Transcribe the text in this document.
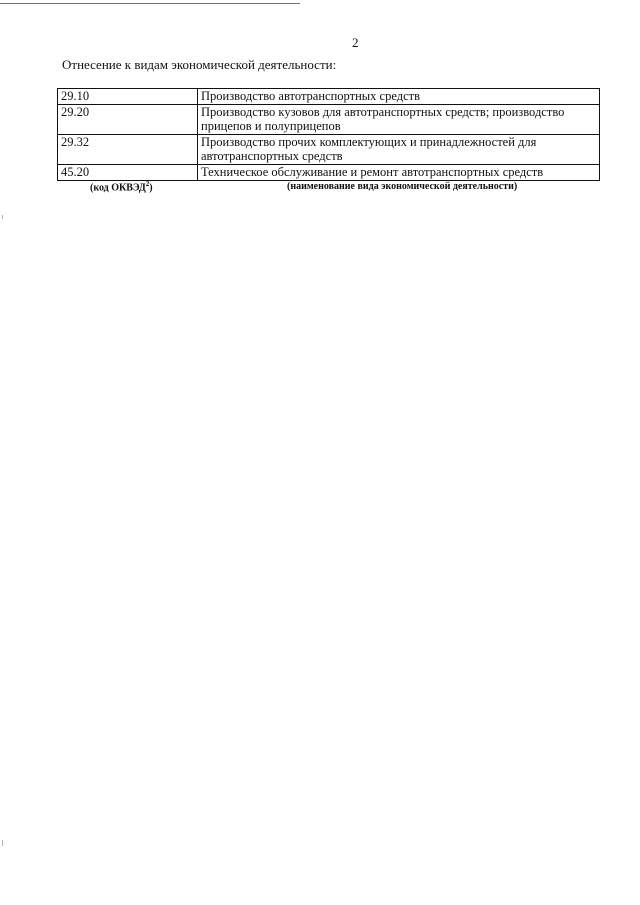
2
Отнесение к видам экономической деятельности:
29.10	Производство автотранспортных средств
29.20	Производство кузовов для автотранспортных средств; производство прицепов и полуприцепов
29.32	Производство прочих комплектующих и принадлежностей для автотранспортных средств
45.20	Техническое обслуживание и ремонт автотранспортных средств
(код ОКВЭД$^2$)	(наименование вида экономической деятельности)
